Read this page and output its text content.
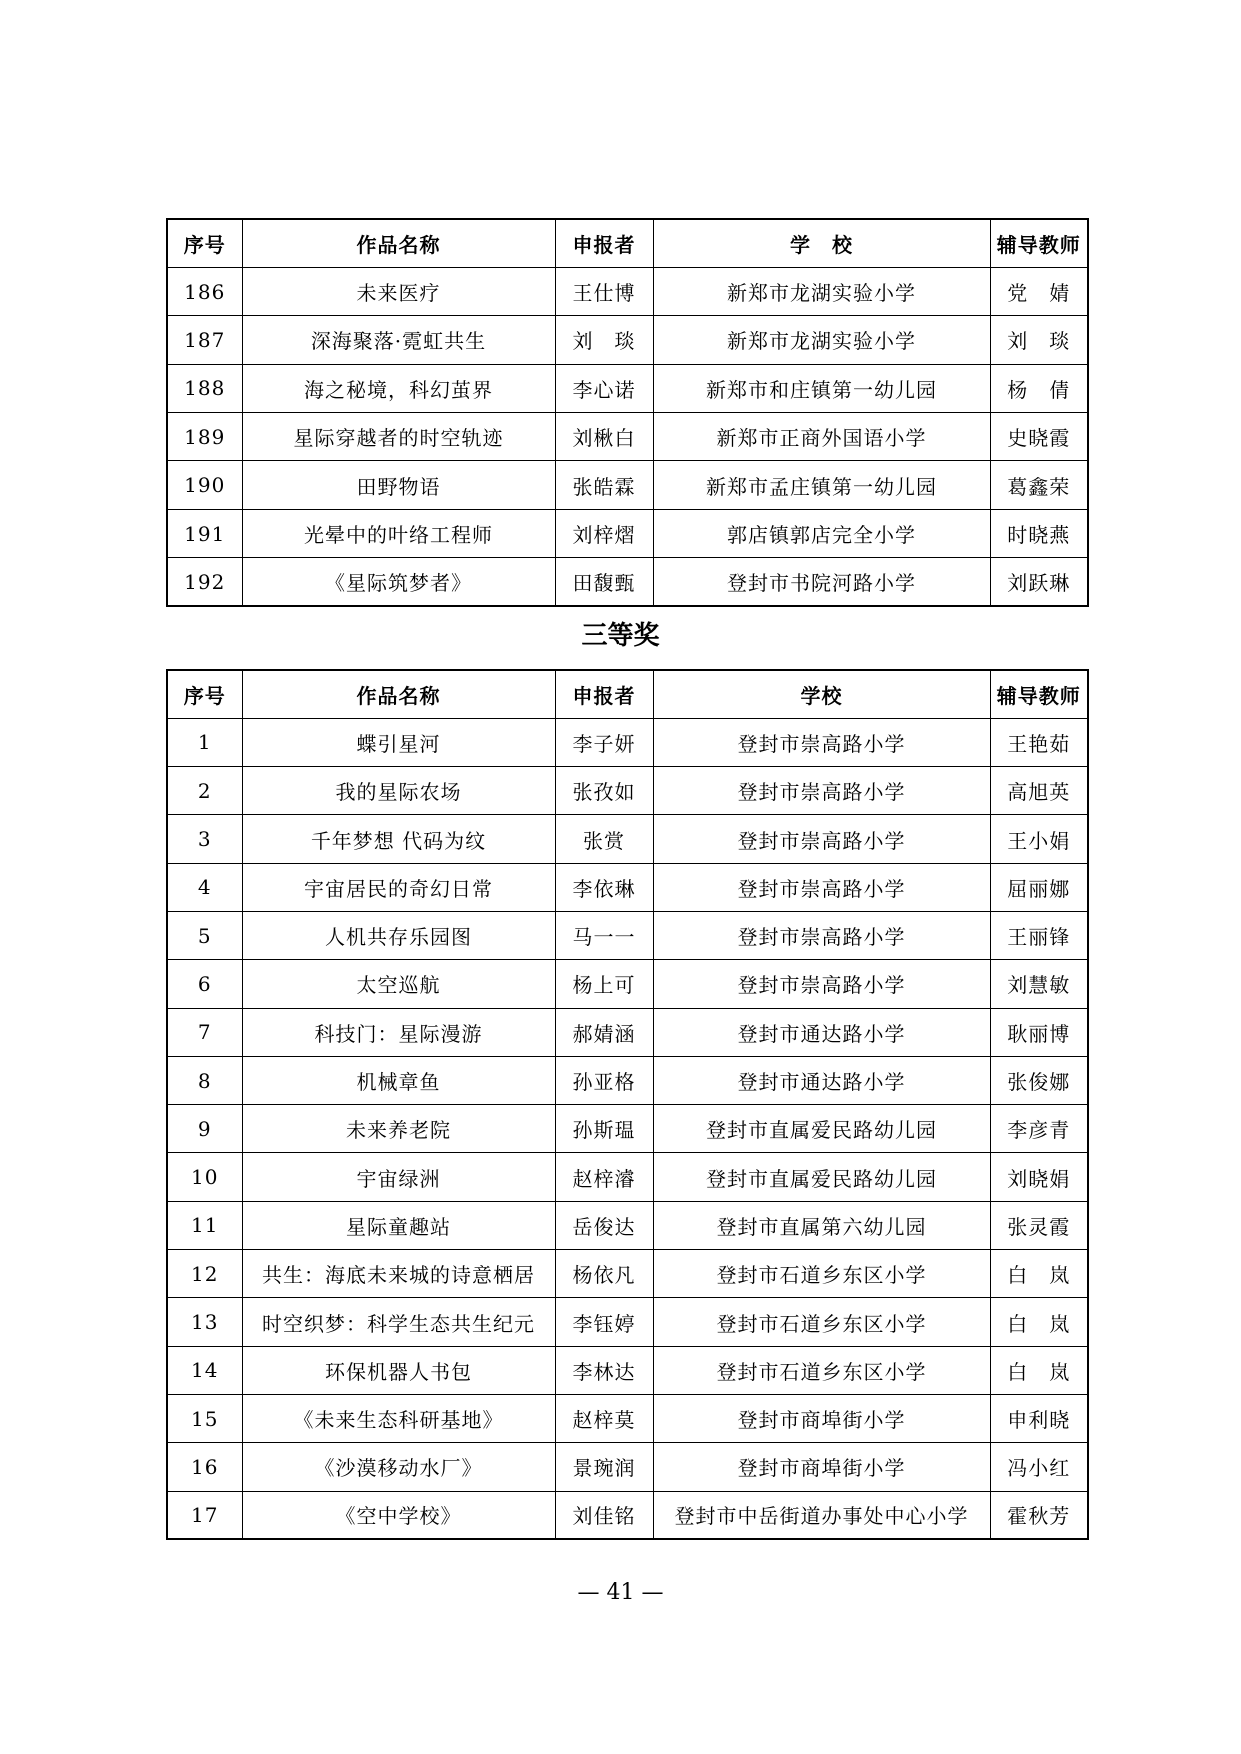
序号	作品名称	申报者	学　校	辅导教师
186	未来医疗	王仕博	新郑市龙湖实验小学	党　婧
187	深海聚落·霓虹共生	刘　琰	新郑市龙湖实验小学	刘　琰
188	海之秘境，科幻茧界	李心诺	新郑市和庄镇第一幼儿园	杨　倩
189	星际穿越者的时空轨迹	刘楸白	新郑市正商外国语小学	史晓霞
190	田野物语	张皓霖	新郑市孟庄镇第一幼儿园	葛鑫荣
191	光晕中的叶络工程师	刘梓熠	郭店镇郭店完全小学	时晓燕
192	《星际筑梦者》	田馥甄	登封市书院河路小学	刘跃琳
三等奖
序号	作品名称	申报者	学校	辅导教师
1	蝶引星河	李子妍	登封市崇高路小学	王艳茹
2	我的星际农场	张孜如	登封市崇高路小学	高旭英
3	千年梦想 代码为纹	张赏	登封市崇高路小学	王小娟
4	宇宙居民的奇幻日常	李依琳	登封市崇高路小学	屈丽娜
5	人机共存乐园图	马一一	登封市崇高路小学	王丽锋
6	太空巡航	杨上可	登封市崇高路小学	刘慧敏
7	科技门：星际漫游	郝婧涵	登封市通达路小学	耿丽博
8	机械章鱼	孙亚格	登封市通达路小学	张俊娜
9	未来养老院	孙斯瑥	登封市直属爱民路幼儿园	李彦青
10	宇宙绿洲	赵梓濬	登封市直属爱民路幼儿园	刘晓娟
11	星际童趣站	岳俊达	登封市直属第六幼儿园	张灵霞
12	共生：海底未来城的诗意栖居	杨依凡	登封市石道乡东区小学	白　岚
13	时空织梦：科学生态共生纪元	李钰婷	登封市石道乡东区小学	白　岚
14	环保机器人书包	李林达	登封市石道乡东区小学	白　岚
15	《未来生态科研基地》	赵梓莫	登封市商埠街小学	申利晓
16	《沙漠移动水厂》	景琬润	登封市商埠街小学	冯小红
17	《空中学校》	刘佳铭	登封市中岳街道办事处中心小学	霍秋芳
— 41 —
